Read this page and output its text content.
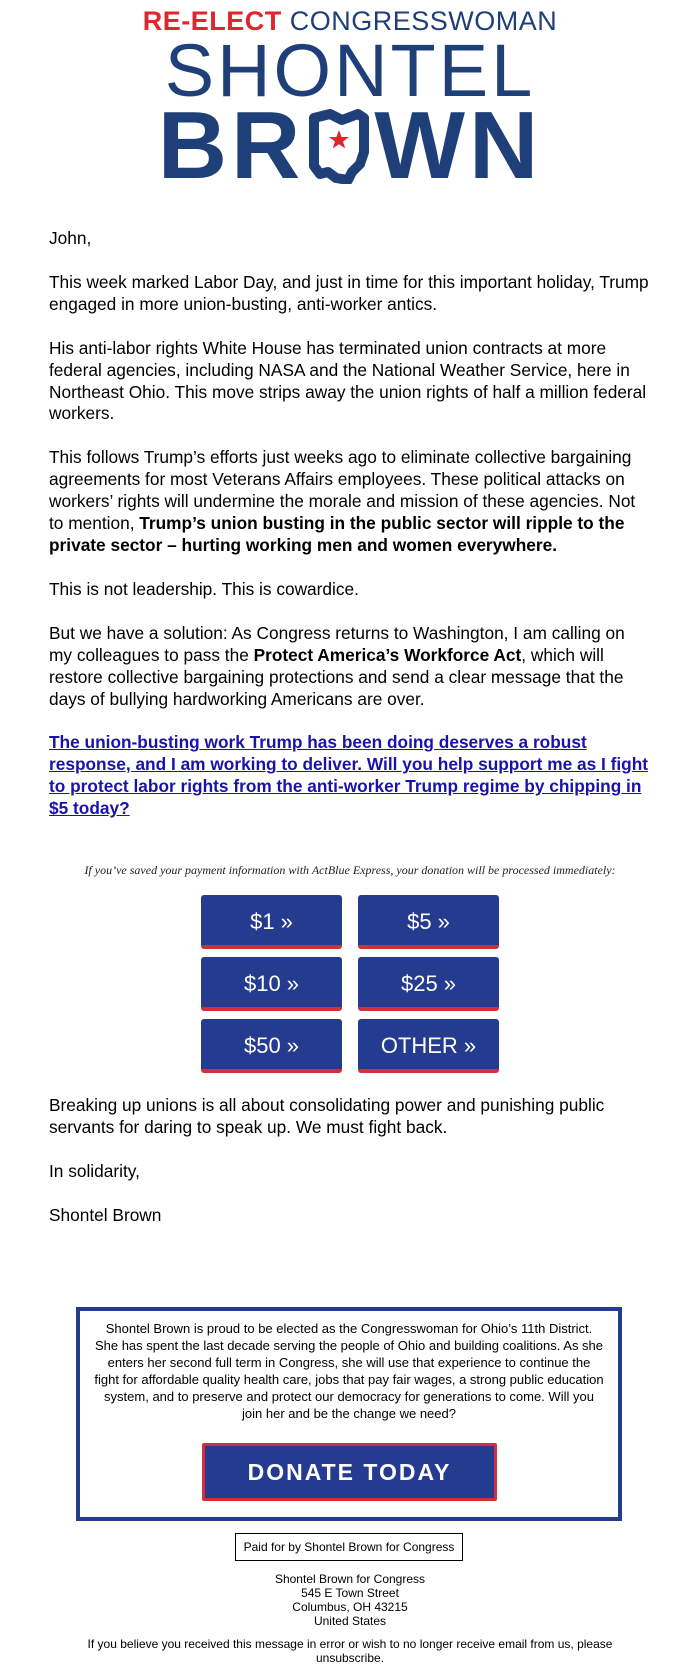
RE-ELECT CONGRESSWOMAN
SHONTEL
BR WN

John,

This week marked Labor Day, and just in time for this important holiday, Trump engaged in more union-busting, anti-worker antics.

His anti-labor rights White House has terminated union contracts at more federal agencies, including NASA and the National Weather Service, here in Northeast Ohio. This move strips away the union rights of half a million federal workers.

This follows Trump’s efforts just weeks ago to eliminate collective bargaining agreements for most Veterans Affairs employees. These political attacks on workers’ rights will undermine the morale and mission of these agencies. Not to mention, Trump’s union busting in the public sector will ripple to the private sector – hurting working men and women everywhere.

This is not leadership. This is cowardice.

But we have a solution: As Congress returns to Washington, I am calling on my colleagues to pass the Protect America’s Workforce Act, which will restore collective bargaining protections and send a clear message that the days of bullying hardworking Americans are over.

The union-busting work Trump has been doing deserves a robust response, and I am working to deliver. Will you help support me as I fight to protect labor rights from the anti-worker Trump regime by chipping in $5 today?

If you’ve saved your payment information with ActBlue Express, your donation will be processed immediately:
$1 »	$5 »
$10 »	$25 »
$50 »	OTHER »

Breaking up unions is all about consolidating power and punishing public servants for daring to speak up. We must fight back.

In solidarity,

Shontel Brown

Shontel Brown is proud to be elected as the Congresswoman for Ohio’s 11th District. She has spent the last decade serving the people of Ohio and building coalitions. As she enters her second full term in Congress, she will use that experience to continue the fight for affordable quality health care, jobs that pay fair wages, a strong public education system, and to preserve and protect our democracy for generations to come. Will you join her and be the change we need?
DONATE TODAY
Paid for by Shontel Brown for Congress
Shontel Brown for Congress
545 E Town Street
Columbus, OH 43215
United States
If you believe you received this message in error or wish to no longer receive email from us, please unsubscribe.
